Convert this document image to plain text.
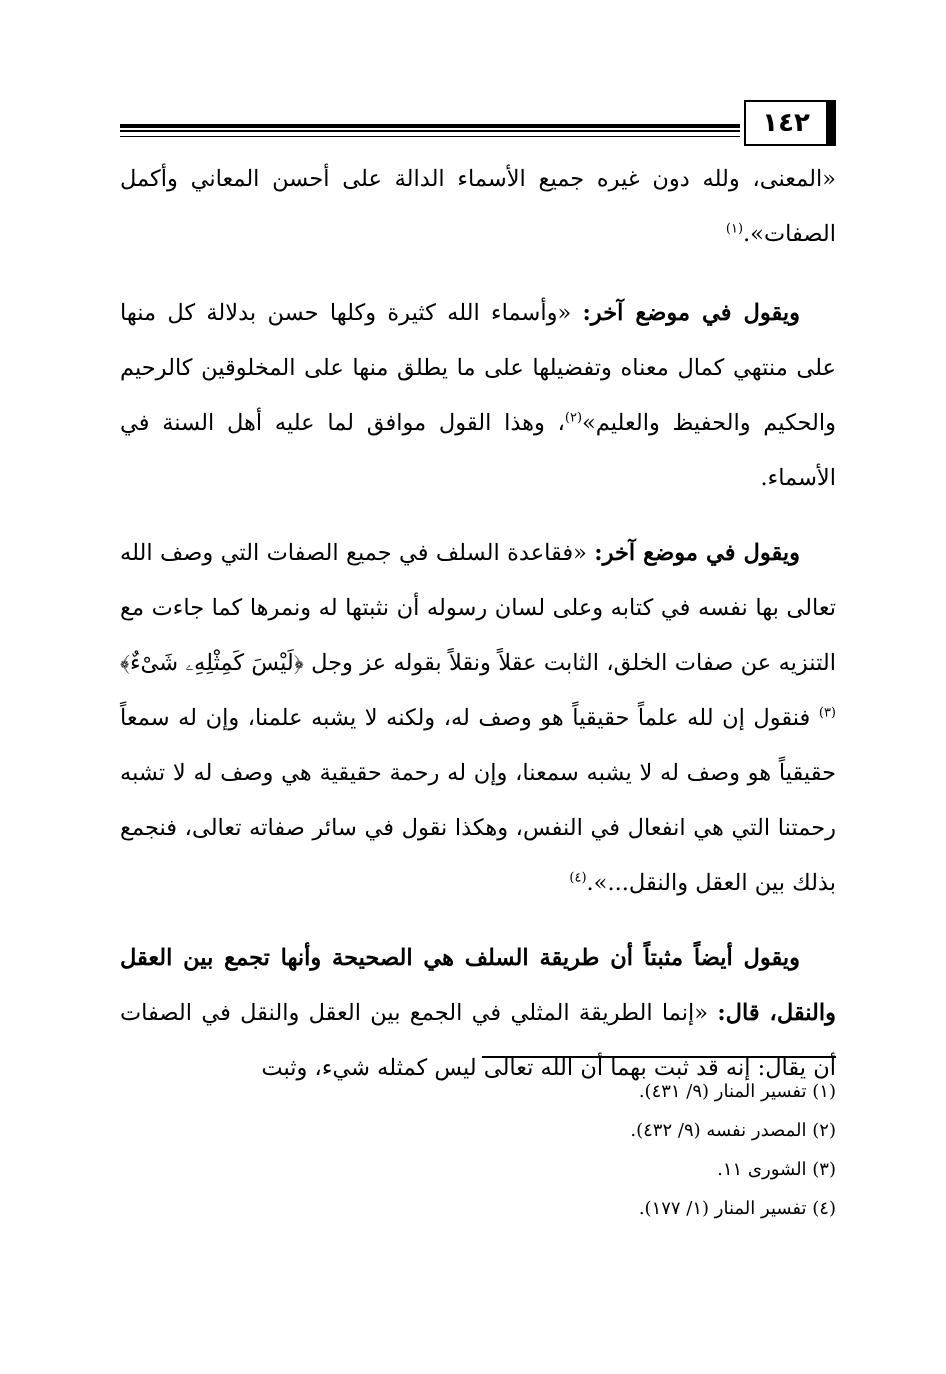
١٤٢

«المعنى، ولله دون غيره جميع الأسماء الدالة على أحسن المعاني وأكمل الصفات».$^{(١)}$

ويقول في موضع آخر: «وأسماء الله كثيرة وكلها حسن بدلالة كل منها على منتهي كمال معناه وتفضيلها على ما يطلق منها على المخلوقين كالرحيم والحكيم والحفيظ والعليم»$^{(٢)}$، وهذا القول موافق لما عليه أهل السنة في الأسماء.

ويقول في موضع آخر: «فقاعدة السلف في جميع الصفات التي وصف الله تعالى بها نفسه في كتابه وعلى لسان رسوله أن نثبتها له ونمرها كما جاءت مع التنزيه عن صفات الخلق، الثابت عقلاً ونقلاً بقوله عز وجل ﴿لَيْسَ كَمِثْلِهِۦ شَىْءٌ﴾$^{(٣)}$ فنقول إن لله علماً حقيقياً هو وصف له، ولكنه لا يشبه علمنا، وإن له سمعاً حقيقياً هو وصف له لا يشبه سمعنا، وإن له رحمة حقيقية هي وصف له لا تشبه رحمتنا التي هي انفعال في النفس، وهكذا نقول في سائر صفاته تعالى، فنجمع بذلك بين العقل والنقل...».$^{(٤)}$

ويقول أيضاً مثبتاً أن طريقة السلف هي الصحيحة وأنها تجمع بين العقل والنقل، قال: «إنما الطريقة المثلي في الجمع بين العقل والنقل في الصفات أن يقال: إنه قد ثبت بهما أن الله تعالى ليس كمثله شيء، وثبت

(١) تفسير المنار (٩/ ٤٣١).
(٢) المصدر نفسه (٩/ ٤٣٢).
(٣) الشورى ١١.
(٤) تفسير المنار (١/ ١٧٧).
